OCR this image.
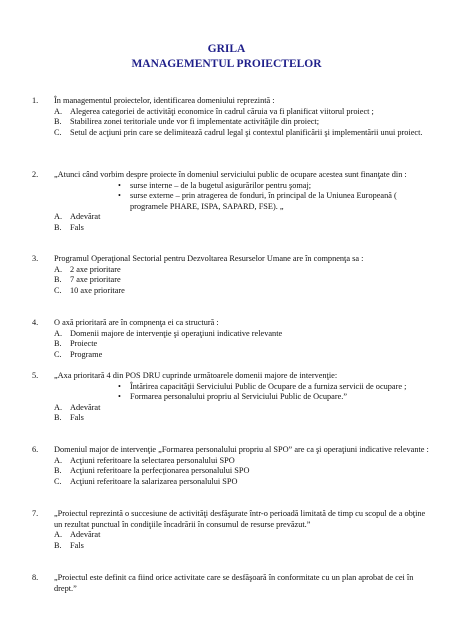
GRILA
MANAGEMENTUL PROIECTELOR
1. În managementul proiectelor, identificarea domeniului reprezintă :
A. Alegerea categoriei de activităţi economice în cadrul căruia va fi planificat viitorul proiect ;
B. Stabilirea zonei teritoriale unde vor fi implementate activităţile din proiect;
C. Setul de acţiuni prin care se delimitează cadrul legal şi contextul planificării şi implementării unui proiect.
2. „Atunci când vorbim despre proiecte în domeniul serviciului public de ocupare acestea sunt finanţate din :
• surse interne – de la bugetul asigurărilor pentru şomaj;
• surse externe – prin atragerea de fonduri, în principal de la Uniunea Europeană ( programele PHARE, ISPA, SAPARD, FSE). „
A. Adevărat
B. Fals
3. Programul Operaţional Sectorial pentru Dezvoltarea Resurselor Umane are în compnenţa sa :
A. 2 axe prioritare
B. 7 axe prioritare
C. 10 axe prioritare
4. O axă prioritară are în compnenţa ei ca structură :
A. Domenii majore de intervenţie şi operaţiuni indicative relevante
B. Proiecte
C. Programe
5. „Axa prioritară 4 din POS DRU cuprinde următoarele domenii majore de intervenţie:
• Întărirea capacităţii Serviciului Public de Ocupare de a furniza servicii de ocupare ;
• Formarea personalului propriu al Serviciului Public de Ocupare.”
A. Adevărat
B. Fals
6. Domeniul major de intervenţie „Formarea personalului propriu al SPO” are ca şi operaţiuni indicative relevante :
A. Acţiuni referitoare la selectarea personalului SPO
B. Acţiuni referitoare la perfecţionarea personalului SPO
C. Acţiuni referitoare la salarizarea personalului SPO
7. „Proiectul reprezintă o succesiune de activităţi desfăşurate într-o perioadă limitată de timp cu scopul de a obţine un rezultat punctual în condiţiile încadrării în consumul de resurse prevăzut.”
A. Adevărat
B. Fals
8. „Proiectul este definit ca fiind orice activitate care se desfăşoară în conformitate cu un plan aprobat de cei în drept.”
